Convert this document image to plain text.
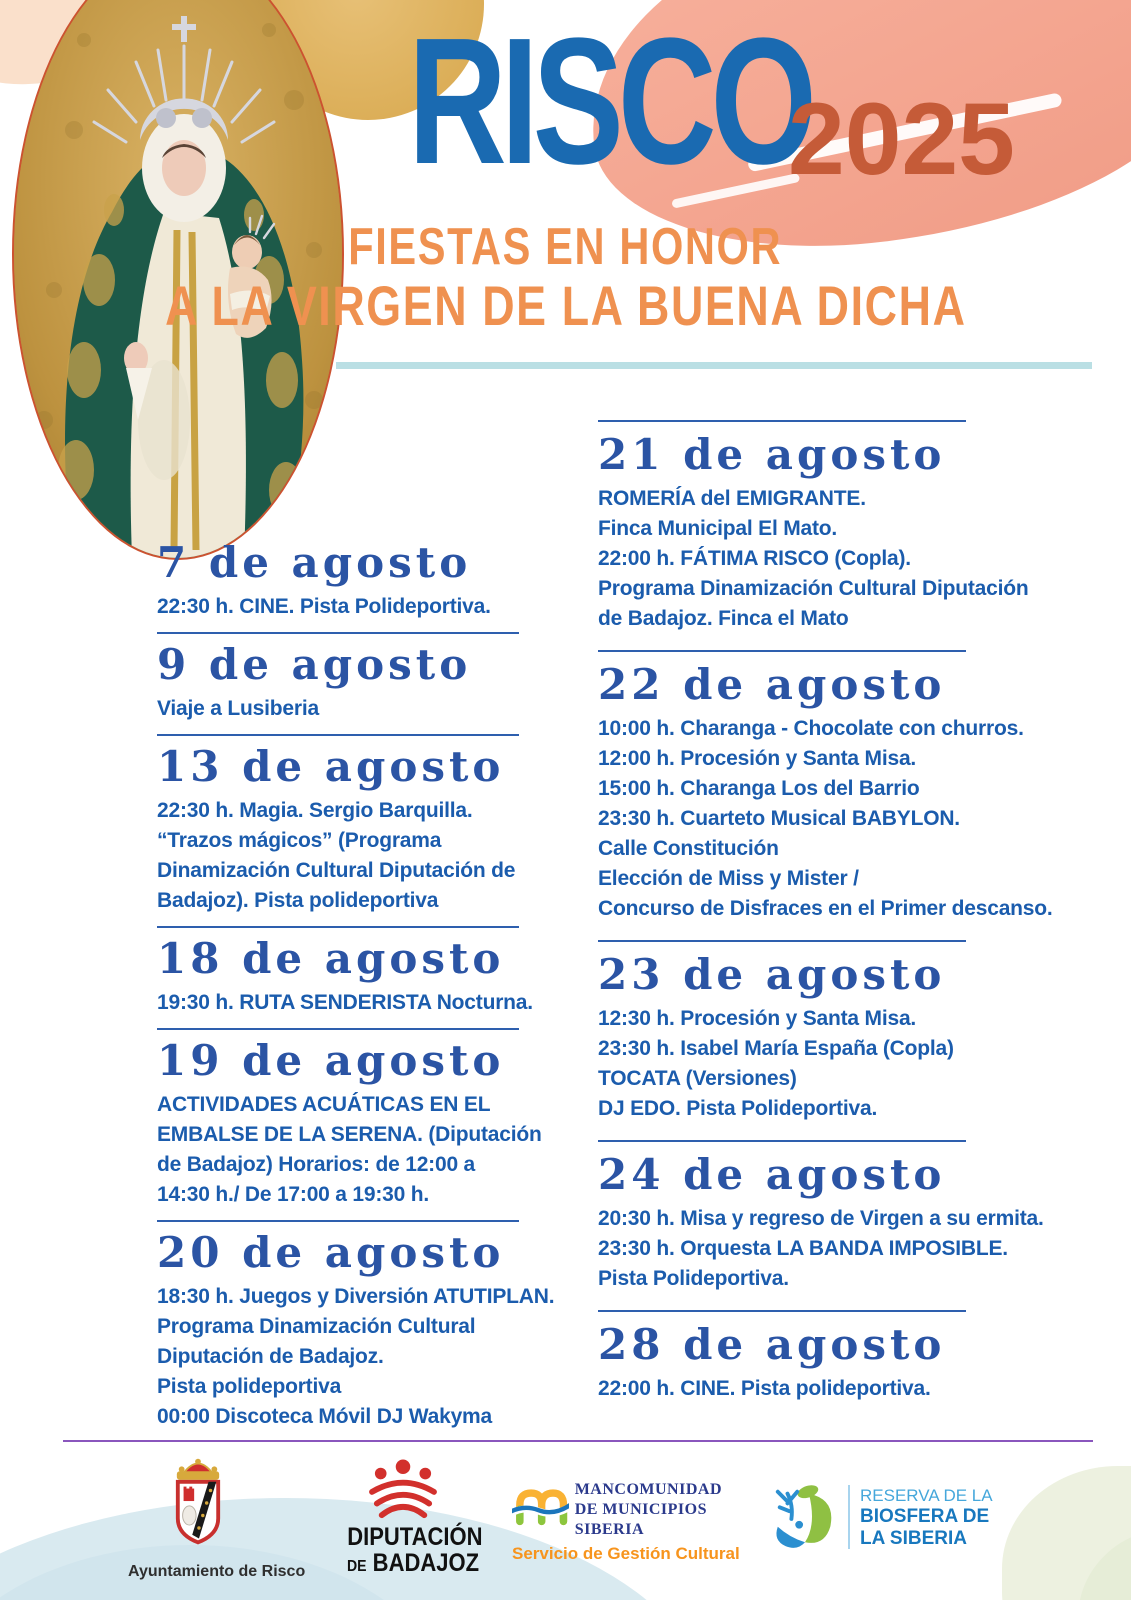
RISCO
2025
FIESTAS EN HONOR
A LA VIRGEN DE LA BUENA DICHA
7 de agosto

22:30 h. CINE. Pista Polideportiva.

9 de agosto

Viaje a Lusiberia

13 de agosto

22:30 h. Magia. Sergio Barquilla.

“Trazos mágicos” (Programa

Dinamización Cultural Diputación de

Badajoz). Pista polideportiva

18 de agosto

19:30 h. RUTA SENDERISTA Nocturna.

19 de agosto

ACTIVIDADES ACUÁTICAS EN EL

EMBALSE DE LA SERENA. (Diputación

de Badajoz) Horarios: de 12:00 a

14:30 h./ De 17:00 a 19:30 h.

20 de agosto

18:30 h. Juegos y Diversión ATUTIPLAN.

Programa Dinamización Cultural

Diputación de Badajoz.

Pista polideportiva

00:00 Discoteca Móvil DJ Wakyma

21 de agosto

ROMERÍA del EMIGRANTE.

Finca Municipal El Mato.

22:00 h. FÁTIMA RISCO (Copla).

Programa Dinamización Cultural Diputación

de Badajoz. Finca el Mato

22 de agosto

10:00 h. Charanga - Chocolate con churros.

12:00 h. Procesión y Santa Misa.

15:00 h. Charanga Los del Barrio

23:30 h. Cuarteto Musical BABYLON.

Calle Constitución

Elección de Miss y Mister /

Concurso de Disfraces en el Primer descanso.

23 de agosto

12:30 h. Procesión y Santa Misa.

23:30 h. Isabel María España (Copla)

TOCATA (Versiones)

DJ EDO. Pista Polideportiva.

24 de agosto

20:30 h. Misa y regreso de Virgen a su ermita.

23:30 h. Orquesta LA BANDA IMPOSIBLE.

Pista Polideportiva.

28 de agosto

22:00 h. CINE. Pista polideportiva.

Ayuntamiento de Risco
DIPUTACIÓN
DE BADAJOZ
MANCOMUNIDAD
DE MUNICIPIOS
SIBERIA
Servicio de Gestión Cultural
RESERVA DE LA
BIOSFERA DE
LA SIBERIA
